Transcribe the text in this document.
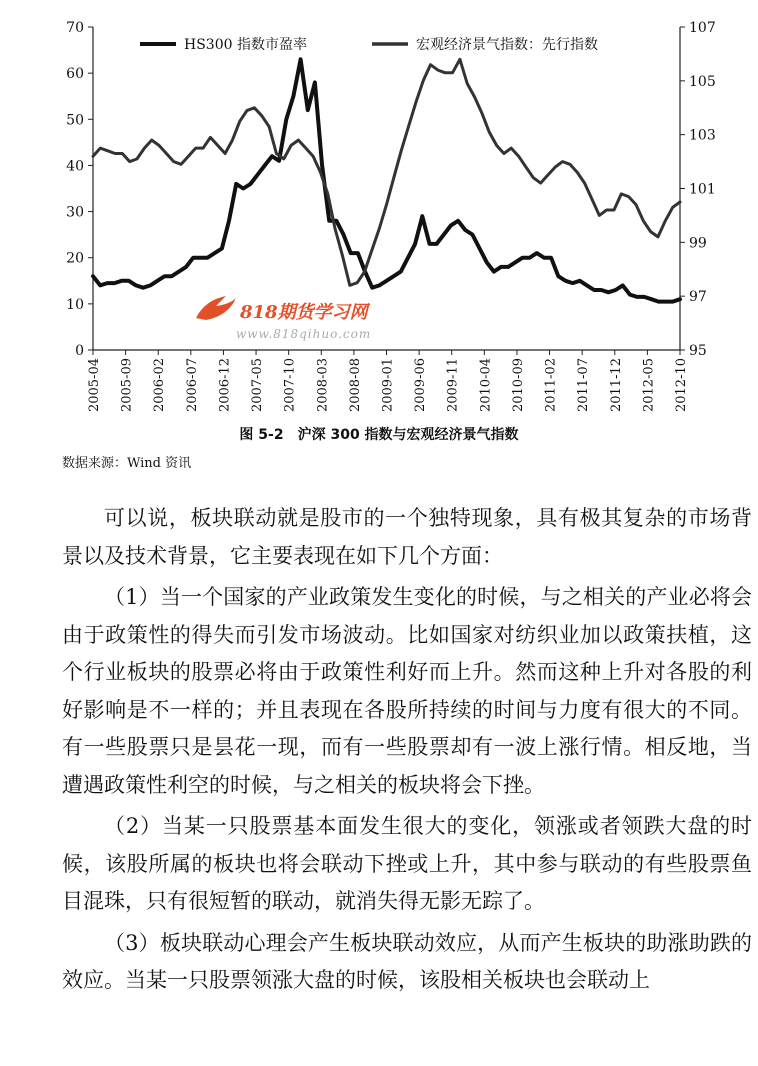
0
10
20
30
40
50
60
70
95
97
99
101
103
105
107
2005-04 2005-09 2006-02 2006-07 2006-12 2007-05 2007-10 2008-03 2008-08 2009-01 2009-06 2009-11 2010-04 2010-09 2011-02 2011-07 2011-12 2012-05 2012-10
HS300 指数市盈率	宏观经济景气指数：先行指数
818期货学习网
www.818qihuo.com
图 5-2　沪深 300 指数与宏观经济景气指数
数据来源：Wind 资讯

可以说，板块联动就是股市的一个独特现象，具有极其复杂的市场背景以及技术背景，它主要表现在如下几个方面：

（1）当一个国家的产业政策发生变化的时候，与之相关的产业必将会由于政策性的得失而引发市场波动。比如国家对纺织业加以政策扶植，这个行业板块的股票必将由于政策性利好而上升。然而这种上升对各股的利好影响是不一样的；并且表现在各股所持续的时间与力度有很大的不同。有一些股票只是昙花一现，而有一些股票却有一波上涨行情。相反地，当遭遇政策性利空的时候，与之相关的板块将会下挫。

（2）当某一只股票基本面发生很大的变化，领涨或者领跌大盘的时候，该股所属的板块也将会联动下挫或上升，其中参与联动的有些股票鱼目混珠，只有很短暂的联动，就消失得无影无踪了。

（3）板块联动心理会产生板块联动效应，从而产生板块的助涨助跌的效应。当某一只股票领涨大盘的时候，该股相关板块也会联动上
